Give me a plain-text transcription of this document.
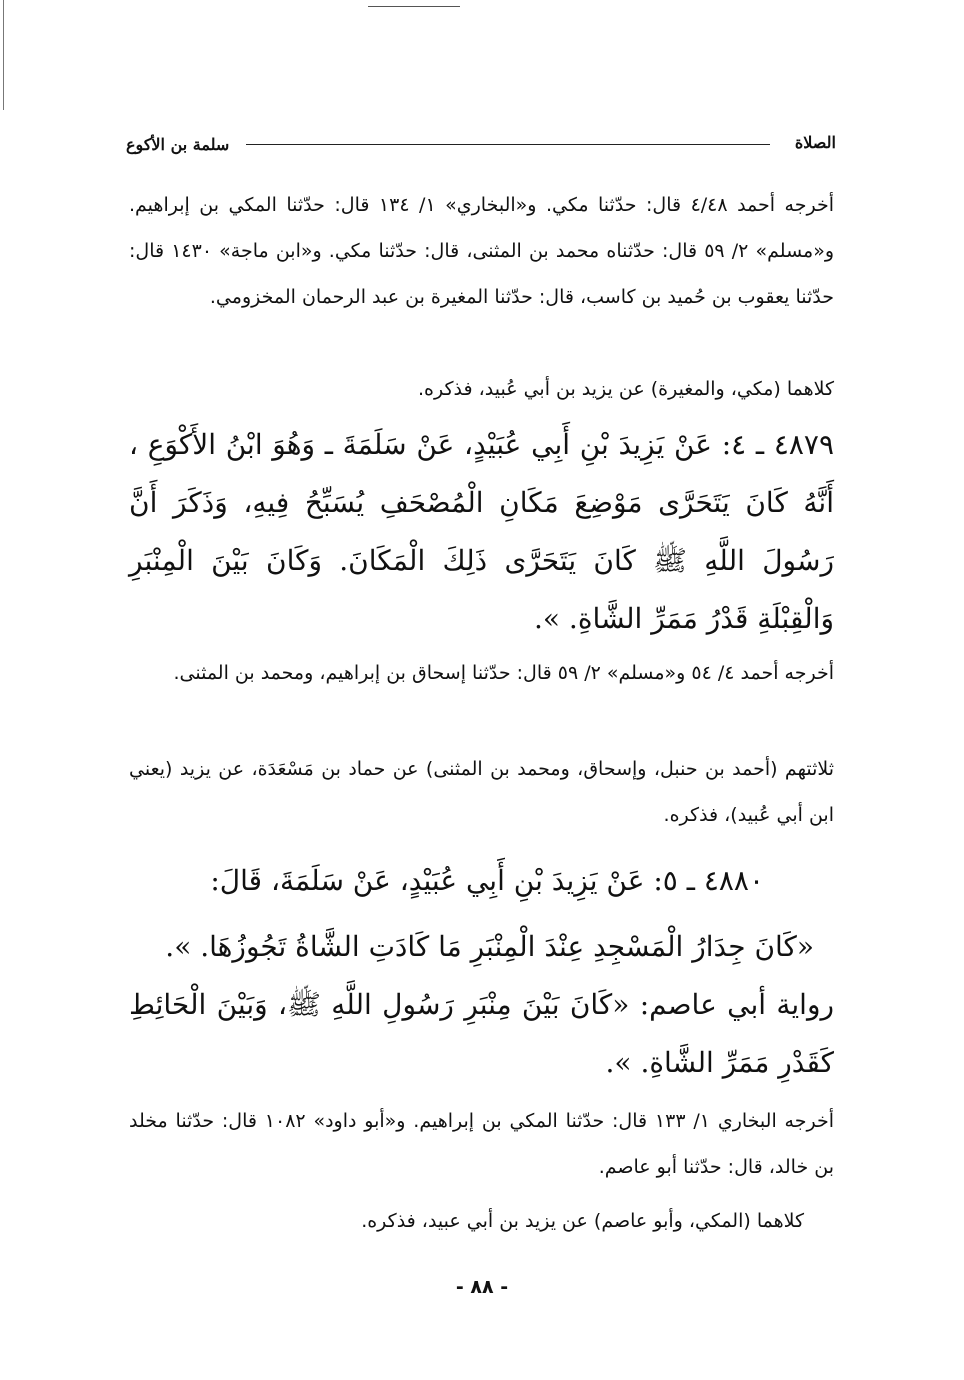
الصلاة
سلمة بن الأكوع

أخرجه أحمد ٤/٤٨ قال: حدّثنا مكي. و«البخاري» ١/ ١٣٤ قال: حدّثنا المكي بن إبراهيم. و«مسلم» ٢/ ٥٩ قال: حدّثناه محمد بن المثنى، قال: حدّثنا مكي. و«ابن ماجة» ١٤٣٠ قال: حدّثنا يعقوب بن حُميد بن كاسب، قال: حدّثنا المغيرة بن عبد الرحمان المخزومي.

كلاهما (مكي، والمغيرة) عن يزيد بن أبي عُبيد، فذكره.

٤٨٧٩ ـ ٤: عَنْ يَزِيدَ بْنِ أَبِي عُبَيْدٍ، عَنْ سَلَمَةَ ـ وَهُوَ ابْنُ الأَكْوَعِ ، أَنَّهُ كَانَ يَتَحَرَّى مَوْضِعَ مَكَانِ الْمُصْحَفِ يُسَبِّحُ فِيهِ، وَذَكَرَ أَنَّ رَسُولَ اللَّهِ ﷺ كَانَ يَتَحَرَّى ذَلِكَ الْمَكَانَ. وَكَانَ بَيْنَ الْمِنْبَرِ وَالْقِبْلَةِ قَدْرُ مَمَرِّ الشَّاةِ. ».

أخرجه أحمد ٤/ ٥٤ و«مسلم» ٢/ ٥٩ قال: حدّثنا إسحاق بن إبراهيم، ومحمد بن المثنى.

ثلاثتهم (أحمد بن حنبل، وإسحاق، ومحمد بن المثنى) عن حماد بن مَسْعَدَة، عن يزيد (يعني ابن أبي عُبيد)، فذكره.

٤٨٨٠ ـ ٥: عَنْ يَزِيدَ بْنِ أَبِي عُبَيْدٍ، عَنْ سَلَمَةَ، قَالَ:

«كَانَ جِدَارُ الْمَسْجِدِ عِنْدَ الْمِنْبَرِ مَا كَادَتِ الشَّاةُ تَجُوزُهَا. ».

رواية أبي عاصم: «كَانَ بَيْنَ مِنْبَرِ رَسُولِ اللَّهِ ﷺ، وَبَيْنَ الْحَائِطِ كَقَدْرِ مَمَرِّ الشَّاةِ. ».

أخرجه البخاري ١/ ١٣٣ قال: حدّثنا المكي بن إبراهيم. و«أبو داود» ١٠٨٢ قال: حدّثنا مخلد بن خالد، قال: حدّثنا أبو عاصم.

كلاهما (المكي، وأبو عاصم) عن يزيد بن أبي عبيد، فذكره.

- ٨٨ -
